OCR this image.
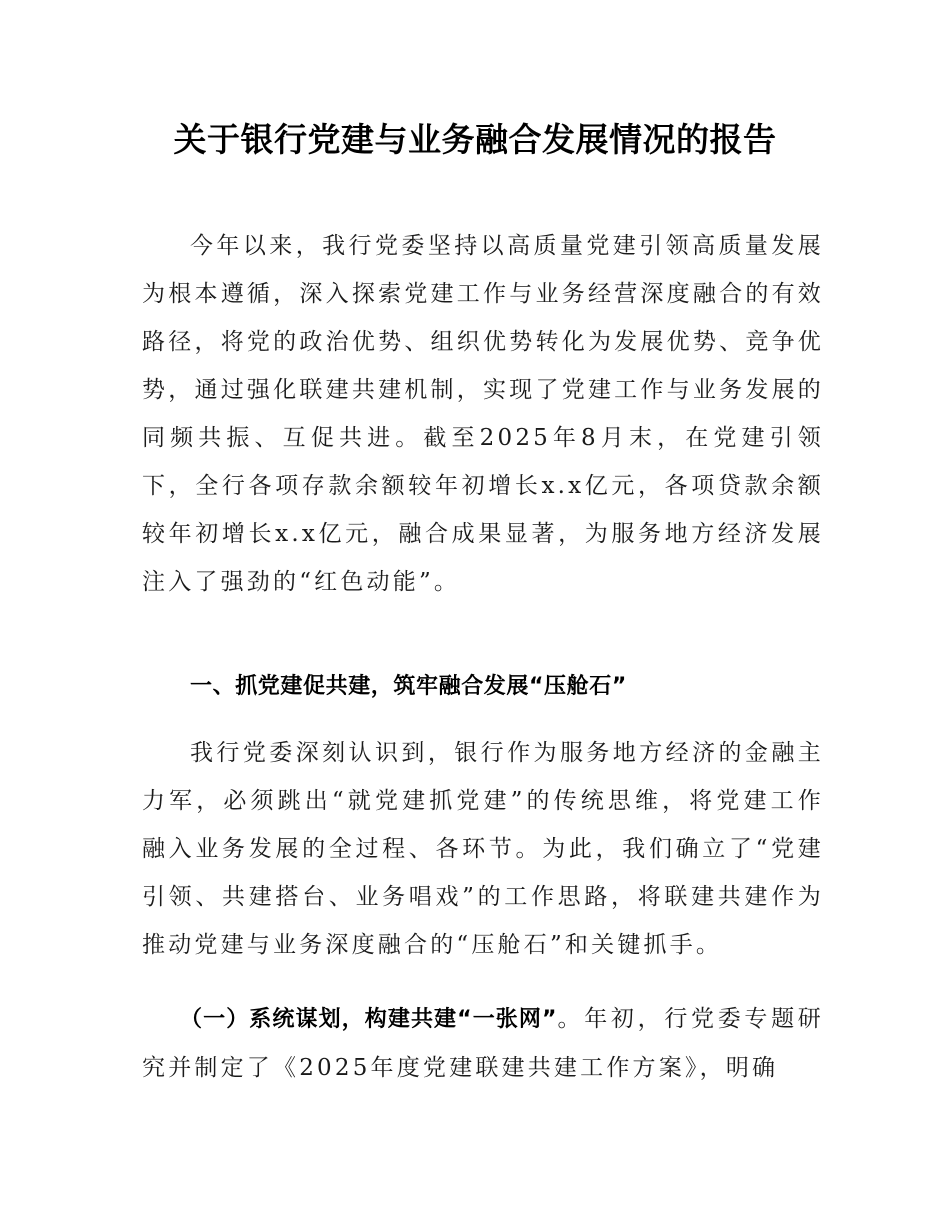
关于银行党建与业务融合发展情况的报告
今年以来，我行党委坚持以高质量党建引领高质量发展为根本遵循，深入探索党建工作与业务经营深度融合的有效路径，将党的政治优势、组织优势转化为发展优势、竞争优势，通过强化联建共建机制，实现了党建工作与业务发展的同频共振、互促共进。截至2025年8月末，在党建引领下，全行各项存款余额较年初增长x.x亿元，各项贷款余额较年初增长x.x亿元，融合成果显著，为服务地方经济发展注入了强劲的“红色动能”。
一、抓党建促共建，筑牢融合发展“压舱石”
我行党委深刻认识到，银行作为服务地方经济的金融主力军，必须跳出“就党建抓党建”的传统思维，将党建工作融入业务发展的全过程、各环节。为此，我们确立了“党建引领、共建搭台、业务唱戏”的工作思路，将联建共建作为推动党建与业务深度融合的“压舱石”和关键抓手。
（一）系统谋划，构建共建“一张网”。年初，行党委专题研究并制定了《2025年度党建联建共建工作方案》，明确
